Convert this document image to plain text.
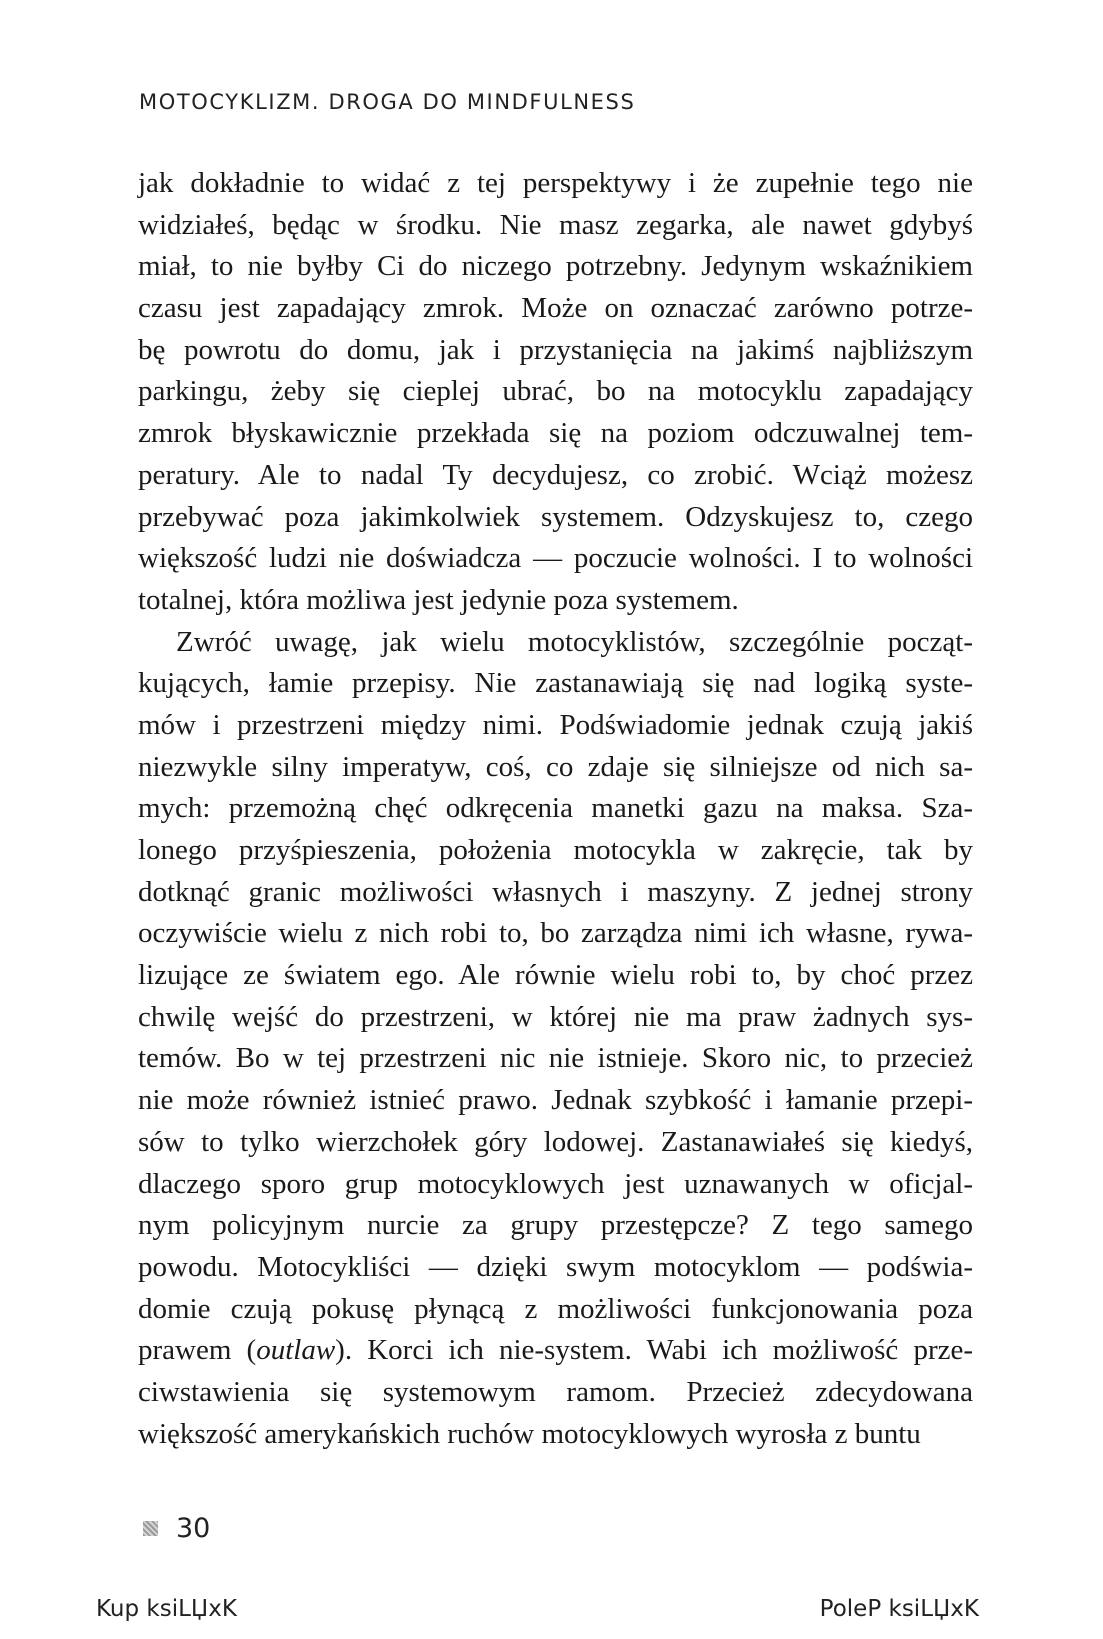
MOTOCYKLIZM. DROGA DO MINDFULNESS
jak dokładnie to widać z tej perspektywy i że zupełnie tego nie
widziałeś, będąc w środku. Nie masz zegarka, ale nawet gdybyś
miał, to nie byłby Ci do niczego potrzebny. Jedynym wskaźnikiem
czasu jest zapadający zmrok. Może on oznaczać zarówno potrze-
bę powrotu do domu, jak i przystanięcia na jakimś najbliższym
parkingu, żeby się cieplej ubrać, bo na motocyklu zapadający
zmrok błyskawicznie przekłada się na poziom odczuwalnej tem-
peratury. Ale to nadal Ty decydujesz, co zrobić. Wciąż możesz
przebywać poza jakimkolwiek systemem. Odzyskujesz to, czego
większość ludzi nie doświadcza — poczucie wolności. I to wolności
totalnej, która możliwa jest jedynie poza systemem.
Zwróć uwagę, jak wielu motocyklistów, szczególnie począt-
kujących, łamie przepisy. Nie zastanawiają się nad logiką syste-
mów i przestrzeni między nimi. Podświadomie jednak czują jakiś
niezwykle silny imperatyw, coś, co zdaje się silniejsze od nich sa-
mych: przemożną chęć odkręcenia manetki gazu na maksa. Sza-
lonego przyśpieszenia, położenia motocykla w zakręcie, tak by
dotknąć granic możliwości własnych i maszyny. Z jednej strony
oczywiście wielu z nich robi to, bo zarządza nimi ich własne, rywa-
lizujące ze światem ego. Ale równie wielu robi to, by choć przez
chwilę wejść do przestrzeni, w której nie ma praw żadnych sys-
temów. Bo w tej przestrzeni nic nie istnieje. Skoro nic, to przecież
nie może również istnieć prawo. Jednak szybkość i łamanie przepi-
sów to tylko wierzchołek góry lodowej. Zastanawiałeś się kiedyś,
dlaczego sporo grup motocyklowych jest uznawanych w oficjal-
nym policyjnym nurcie za grupy przestępcze? Z tego samego
powodu. Motocykliści — dzięki swym motocyklom — podświa-
domie czują pokusę płynącą z możliwości funkcjonowania poza
prawem (outlaw). Korci ich nie-system. Wabi ich możliwość prze-
ciwstawienia się systemowym ramom. Przecież zdecydowana
większość amerykańskich ruchów motocyklowych wyrosła z buntu
30
Kup ksiLЏxK	PoleP ksiLЏxK
